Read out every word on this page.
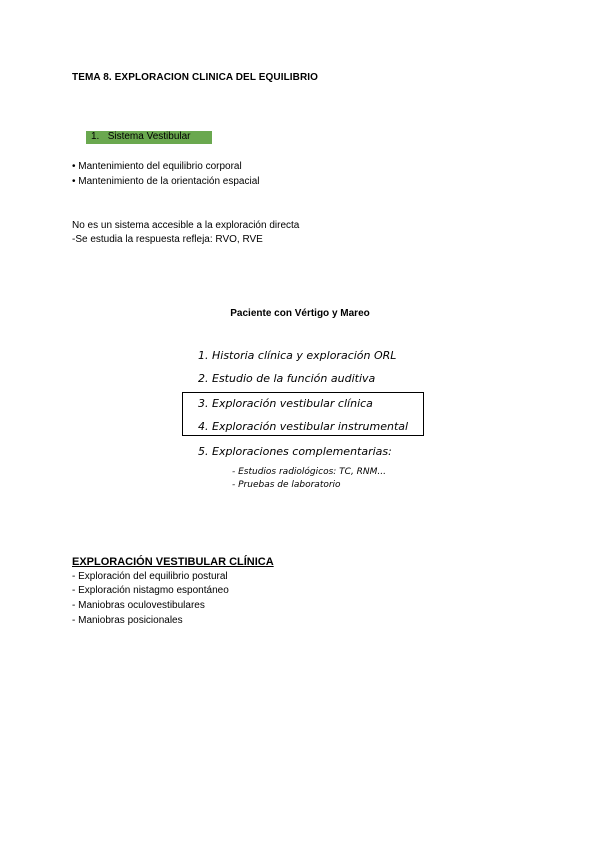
TEMA 8. EXPLORACION CLINICA DEL EQUILIBRIO
1. Sistema Vestibular
• Mantenimiento del equilibrio corporal
• Mantenimiento de la orientación espacial
No es un sistema accesible a la exploración directa
-Se estudia la respuesta refleja: RVO, RVE
Paciente con Vértigo y Mareo
1. Historia clínica y exploración ORL
2. Estudio de la función auditiva
3. Exploración vestibular clínica
4. Exploración vestibular instrumental
5. Exploraciones complementarias:
- Estudios radiológicos: TC, RNM...
- Pruebas de laboratorio
EXPLORACIÓN VESTIBULAR CLÍNICA
- Exploración del equilibrio postural
- Exploración nistagmo espontáneo
- Maniobras oculovestibulares
- Maniobras posicionales
